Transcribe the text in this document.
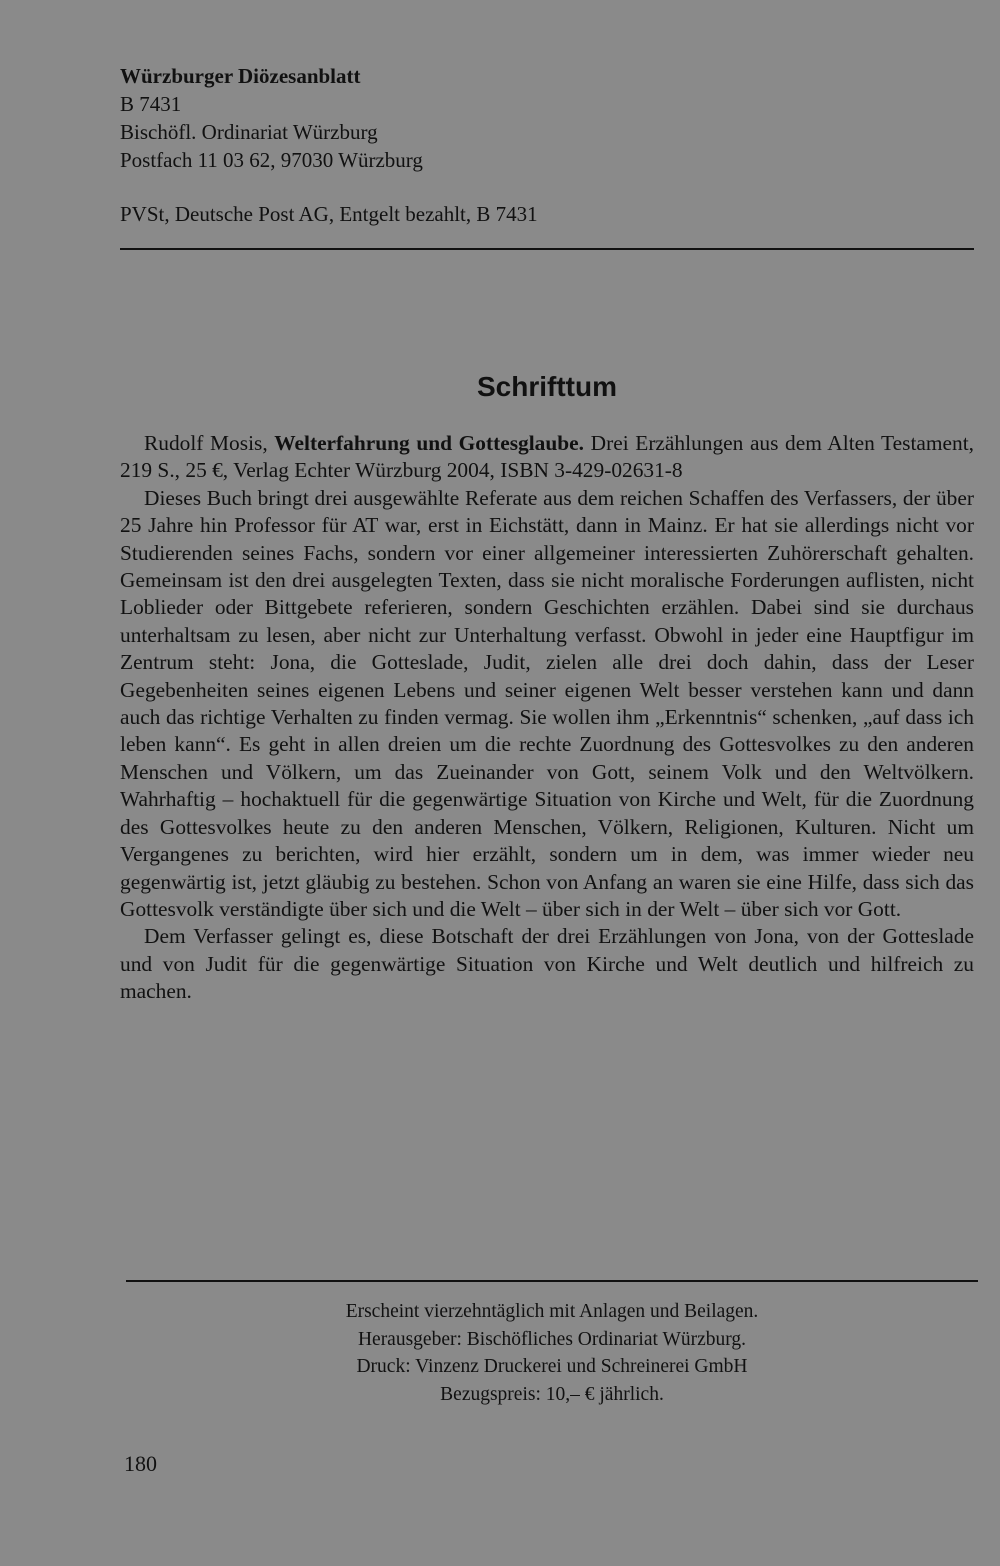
Würzburger Diözesanblatt
B 7431
Bischöfl. Ordinariat Würzburg
Postfach 11 03 62, 97030 Würzburg
PVSt, Deutsche Post AG, Entgelt bezahlt, B 7431
Schrifttum

Rudolf Mosis, Welterfahrung und Gottesglaube. Drei Erzählungen aus dem Alten Testament, 219 S., 25 €, Verlag Echter Würzburg 2004, ISBN 3-429-02631-8

Dieses Buch bringt drei ausgewählte Referate aus dem reichen Schaffen des Verfassers, der über 25 Jahre hin Professor für AT war, erst in Eichstätt, dann in Mainz. Er hat sie allerdings nicht vor Studierenden seines Fachs, sondern vor einer allgemeiner interessierten Zuhörerschaft gehalten. Gemeinsam ist den drei ausgelegten Texten, dass sie nicht moralische Forderungen auflisten, nicht Loblieder oder Bittgebete referieren, sondern Geschichten erzählen. Dabei sind sie durchaus unterhaltsam zu lesen, aber nicht zur Unterhaltung verfasst. Obwohl in jeder eine Hauptfigur im Zentrum steht: Jona, die Gotteslade, Judit, zielen alle drei doch dahin, dass der Leser Gegebenheiten seines eigenen Lebens und seiner eigenen Welt besser verstehen kann und dann auch das richtige Verhalten zu finden vermag. Sie wollen ihm „Erkenntnis“ schenken, „auf dass ich leben kann“. Es geht in allen dreien um die rechte Zuordnung des Gottesvolkes zu den anderen Menschen und Völkern, um das Zueinander von Gott, seinem Volk und den Weltvölkern. Wahrhaftig – hochaktuell für die gegenwärtige Situation von Kirche und Welt, für die Zuordnung des Gottesvolkes heute zu den anderen Menschen, Völkern, Religionen, Kulturen. Nicht um Vergangenes zu berichten, wird hier erzählt, sondern um in dem, was immer wieder neu gegenwärtig ist, jetzt gläubig zu bestehen. Schon von Anfang an waren sie eine Hilfe, dass sich das Gottesvolk verständigte über sich und die Welt – über sich in der Welt – über sich vor Gott.

Dem Verfasser gelingt es, diese Botschaft der drei Erzählungen von Jona, von der Gotteslade und von Judit für die gegenwärtige Situation von Kirche und Welt deutlich und hilfreich zu machen.

Erscheint vierzehntäglich mit Anlagen und Beilagen.
Herausgeber: Bischöfliches Ordinariat Würzburg.
Druck: Vinzenz Druckerei und Schreinerei GmbH
Bezugspreis: 10,– € jährlich.
180
